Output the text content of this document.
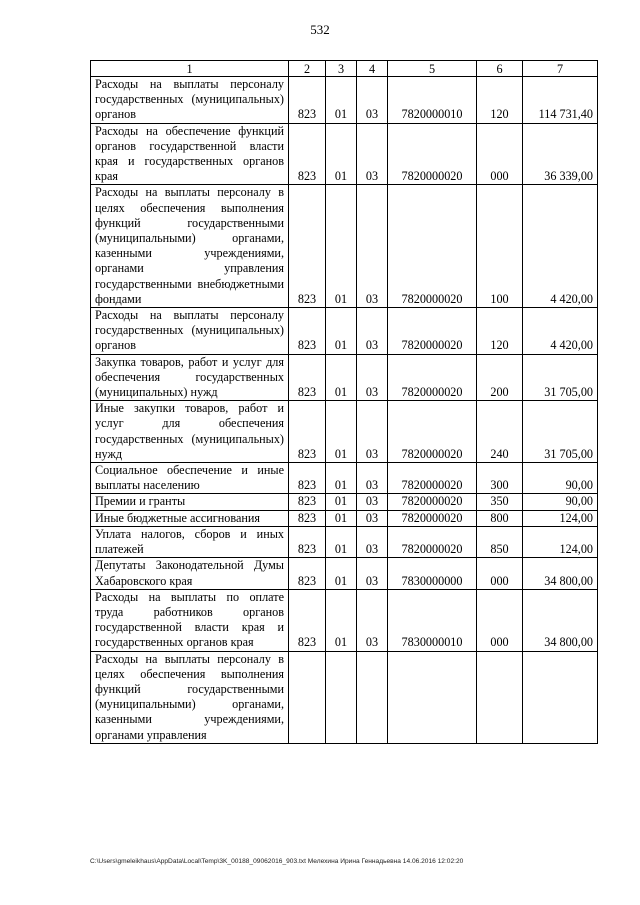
532
1	2	3	4	5	6	7
Расходы на выплаты персоналу государственных (муниципальных) органов	823	01	03	7820000010	120	114 731,40
Расходы на обеспечение функций органов государственной власти края и государственных органов края	823	01	03	7820000020	000	36 339,00
Расходы на выплаты персоналу в целях обеспечения выполнения функций государственными (муниципальными) органами, казенными учреждениями, органами управления государственными внебюджетными фондами	823	01	03	7820000020	100	4 420,00
Расходы на выплаты персоналу государственных (муниципальных) органов	823	01	03	7820000020	120	4 420,00
Закупка товаров, работ и услуг для обеспечения государственных (муниципальных) нужд	823	01	03	7820000020	200	31 705,00
Иные закупки товаров, работ и услуг для обеспечения государственных (муниципальных) нужд	823	01	03	7820000020	240	31 705,00
Социальное обеспечение и иные выплаты населению	823	01	03	7820000020	300	90,00
Премии и гранты	823	01	03	7820000020	350	90,00
Иные бюджетные ассигнования	823	01	03	7820000020	800	124,00
Уплата налогов, сборов и иных платежей	823	01	03	7820000020	850	124,00
Депутаты Законодательной Думы Хабаровского края	823	01	03	7830000000	000	34 800,00
Расходы на выплаты по оплате труда работников органов государственной власти края и государственных органов края	823	01	03	7830000010	000	34 800,00
Расходы на выплаты персоналу в целях обеспечения выполнения функций государственными (муниципальными) органами, казенными учреждениями, органами управления						
C:\Users\gmeleikhaus\AppData\Local\Temp\3K_00188_09062016_903.txt Мелехина Ирина Геннадьевна 14.06.2016 12:02:20
